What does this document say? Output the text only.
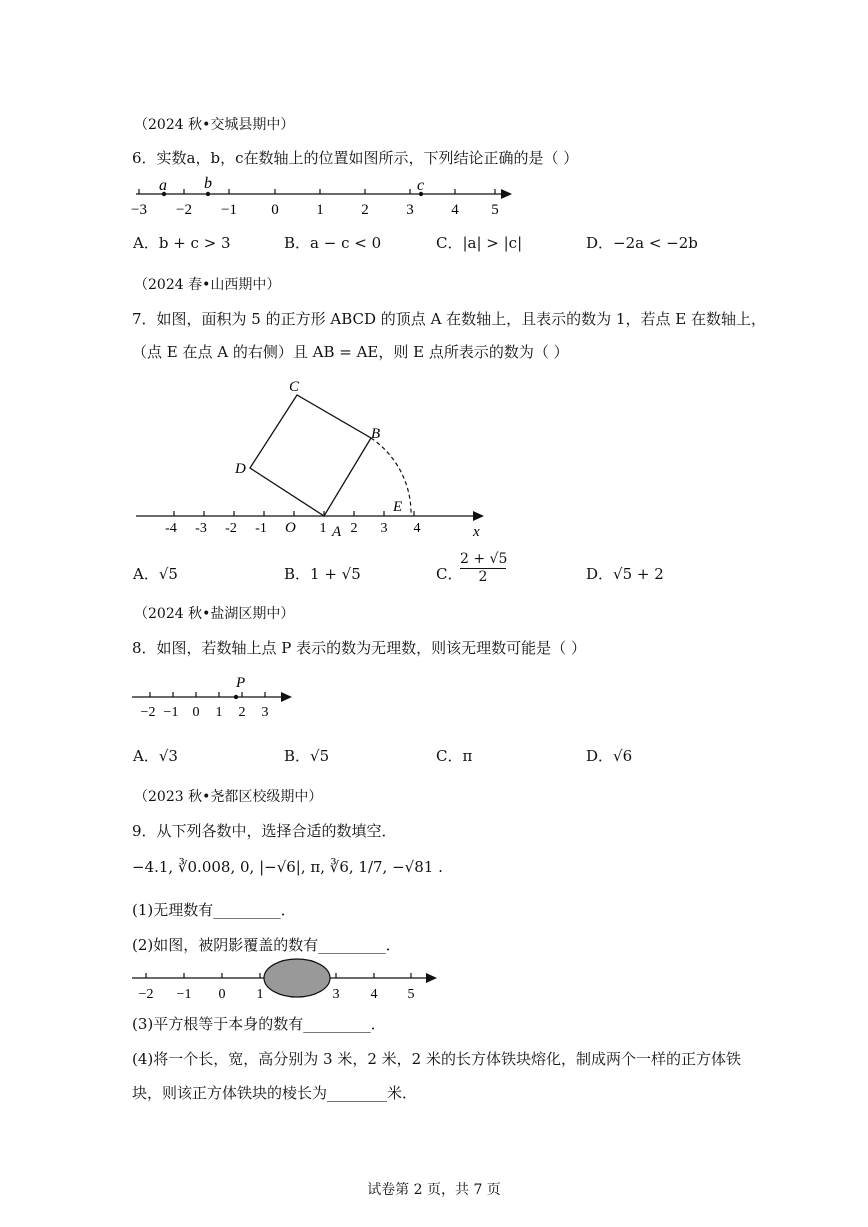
（2024 秋•交城县期中）
6．实数a，b，c在数轴上的位置如图所示，下列结论正确的是（ ）
a b	c
−3 −2 −1 0	1	2	3	4 5
A．b + c > 3	B．a − c < 0	C．|a| > |c|	D．−2a < −2b
（2024 春•山西期中）
7．如图，面积为 5 的正方形 ABCD 的顶点 A 在数轴上，且表示的数为 1，若点 E 在数轴上，
（点 E 在点 A 的右侧）且 AB = AE，则 E 点所表示的数为（ ）
C
B
D
E
A	x
O
-4 -3 -2 -1	1 2 3 4
A．√5	B．1 + √5	C．
$\frac{2 + √5}{2}$	D．√5 + 2
（2024 秋•盐湖区期中）
8．如图，若数轴上点 P 表示的数为无理数，则该无理数可能是（ ）
P
−2 −1 0 1 2 3
A．√3	B．√5	C．π	D．√6
（2023 秋•尧都区校级期中）
9．从下列各数中，选择合适的数填空．
−4.1, ∛0.008, 0, |−√6|, π, ∛6, 1/7, −√81 .
(1)无理数有_________．
(2)如图，被阴影覆盖的数有_________．
−2 −1 0 1	3 4 5
(3)平方根等于本身的数有_________．
(4)将一个长，宽，高分别为 3 米，2 米，2 米的长方体铁块熔化，制成两个一样的正方体铁
块，则该正方体铁块的棱长为________米．
试卷第 2 页，共 7 页
